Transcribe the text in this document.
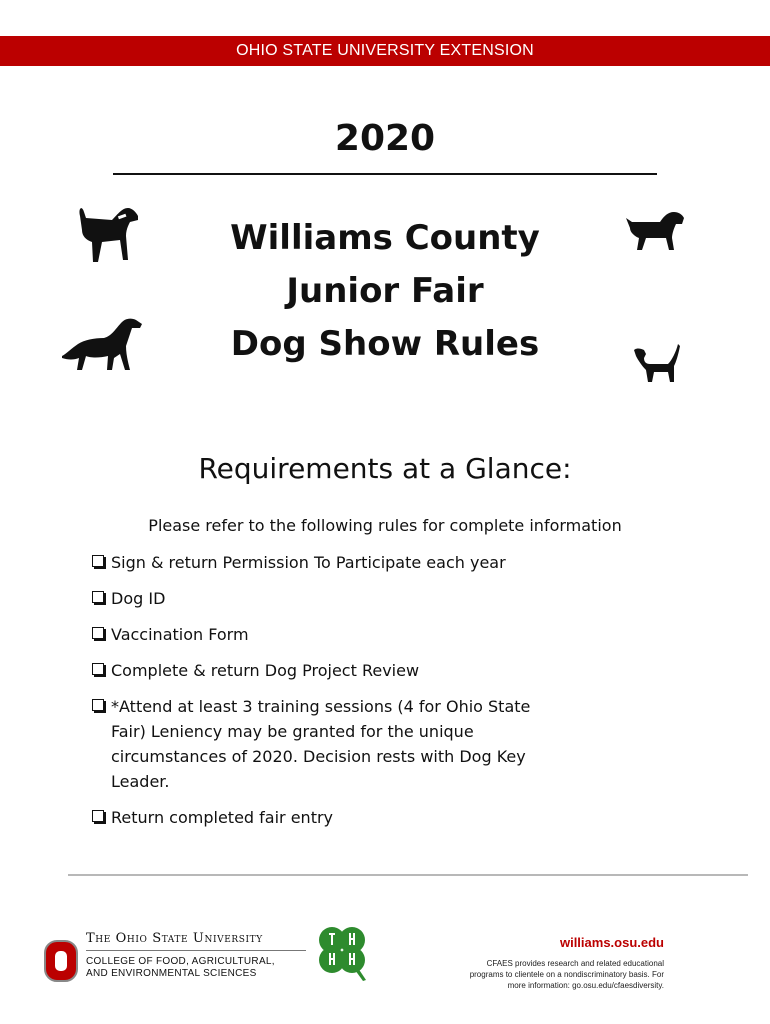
OHIO STATE UNIVERSITY EXTENSION
2020
Williams County
Junior Fair
Dog Show Rules
Requirements at a Glance:
Please refer to the following rules for complete information
Sign & return Permission To Participate each year
Dog ID
Vaccination Form
Complete & return Dog Project Review
*Attend at least 3 training sessions (4 for Ohio State Fair) Leniency may be granted for the unique circumstances of 2020. Decision rests with Dog Key Leader.
Return completed fair entry
The Ohio State University
COLLEGE OF FOOD, AGRICULTURAL,
AND ENVIRONMENTAL SCIENCES
williams.osu.edu
CFAES provides research and related educational
programs to clientele on a nondiscriminatory basis. For
more information: go.osu.edu/cfaesdiversity.
